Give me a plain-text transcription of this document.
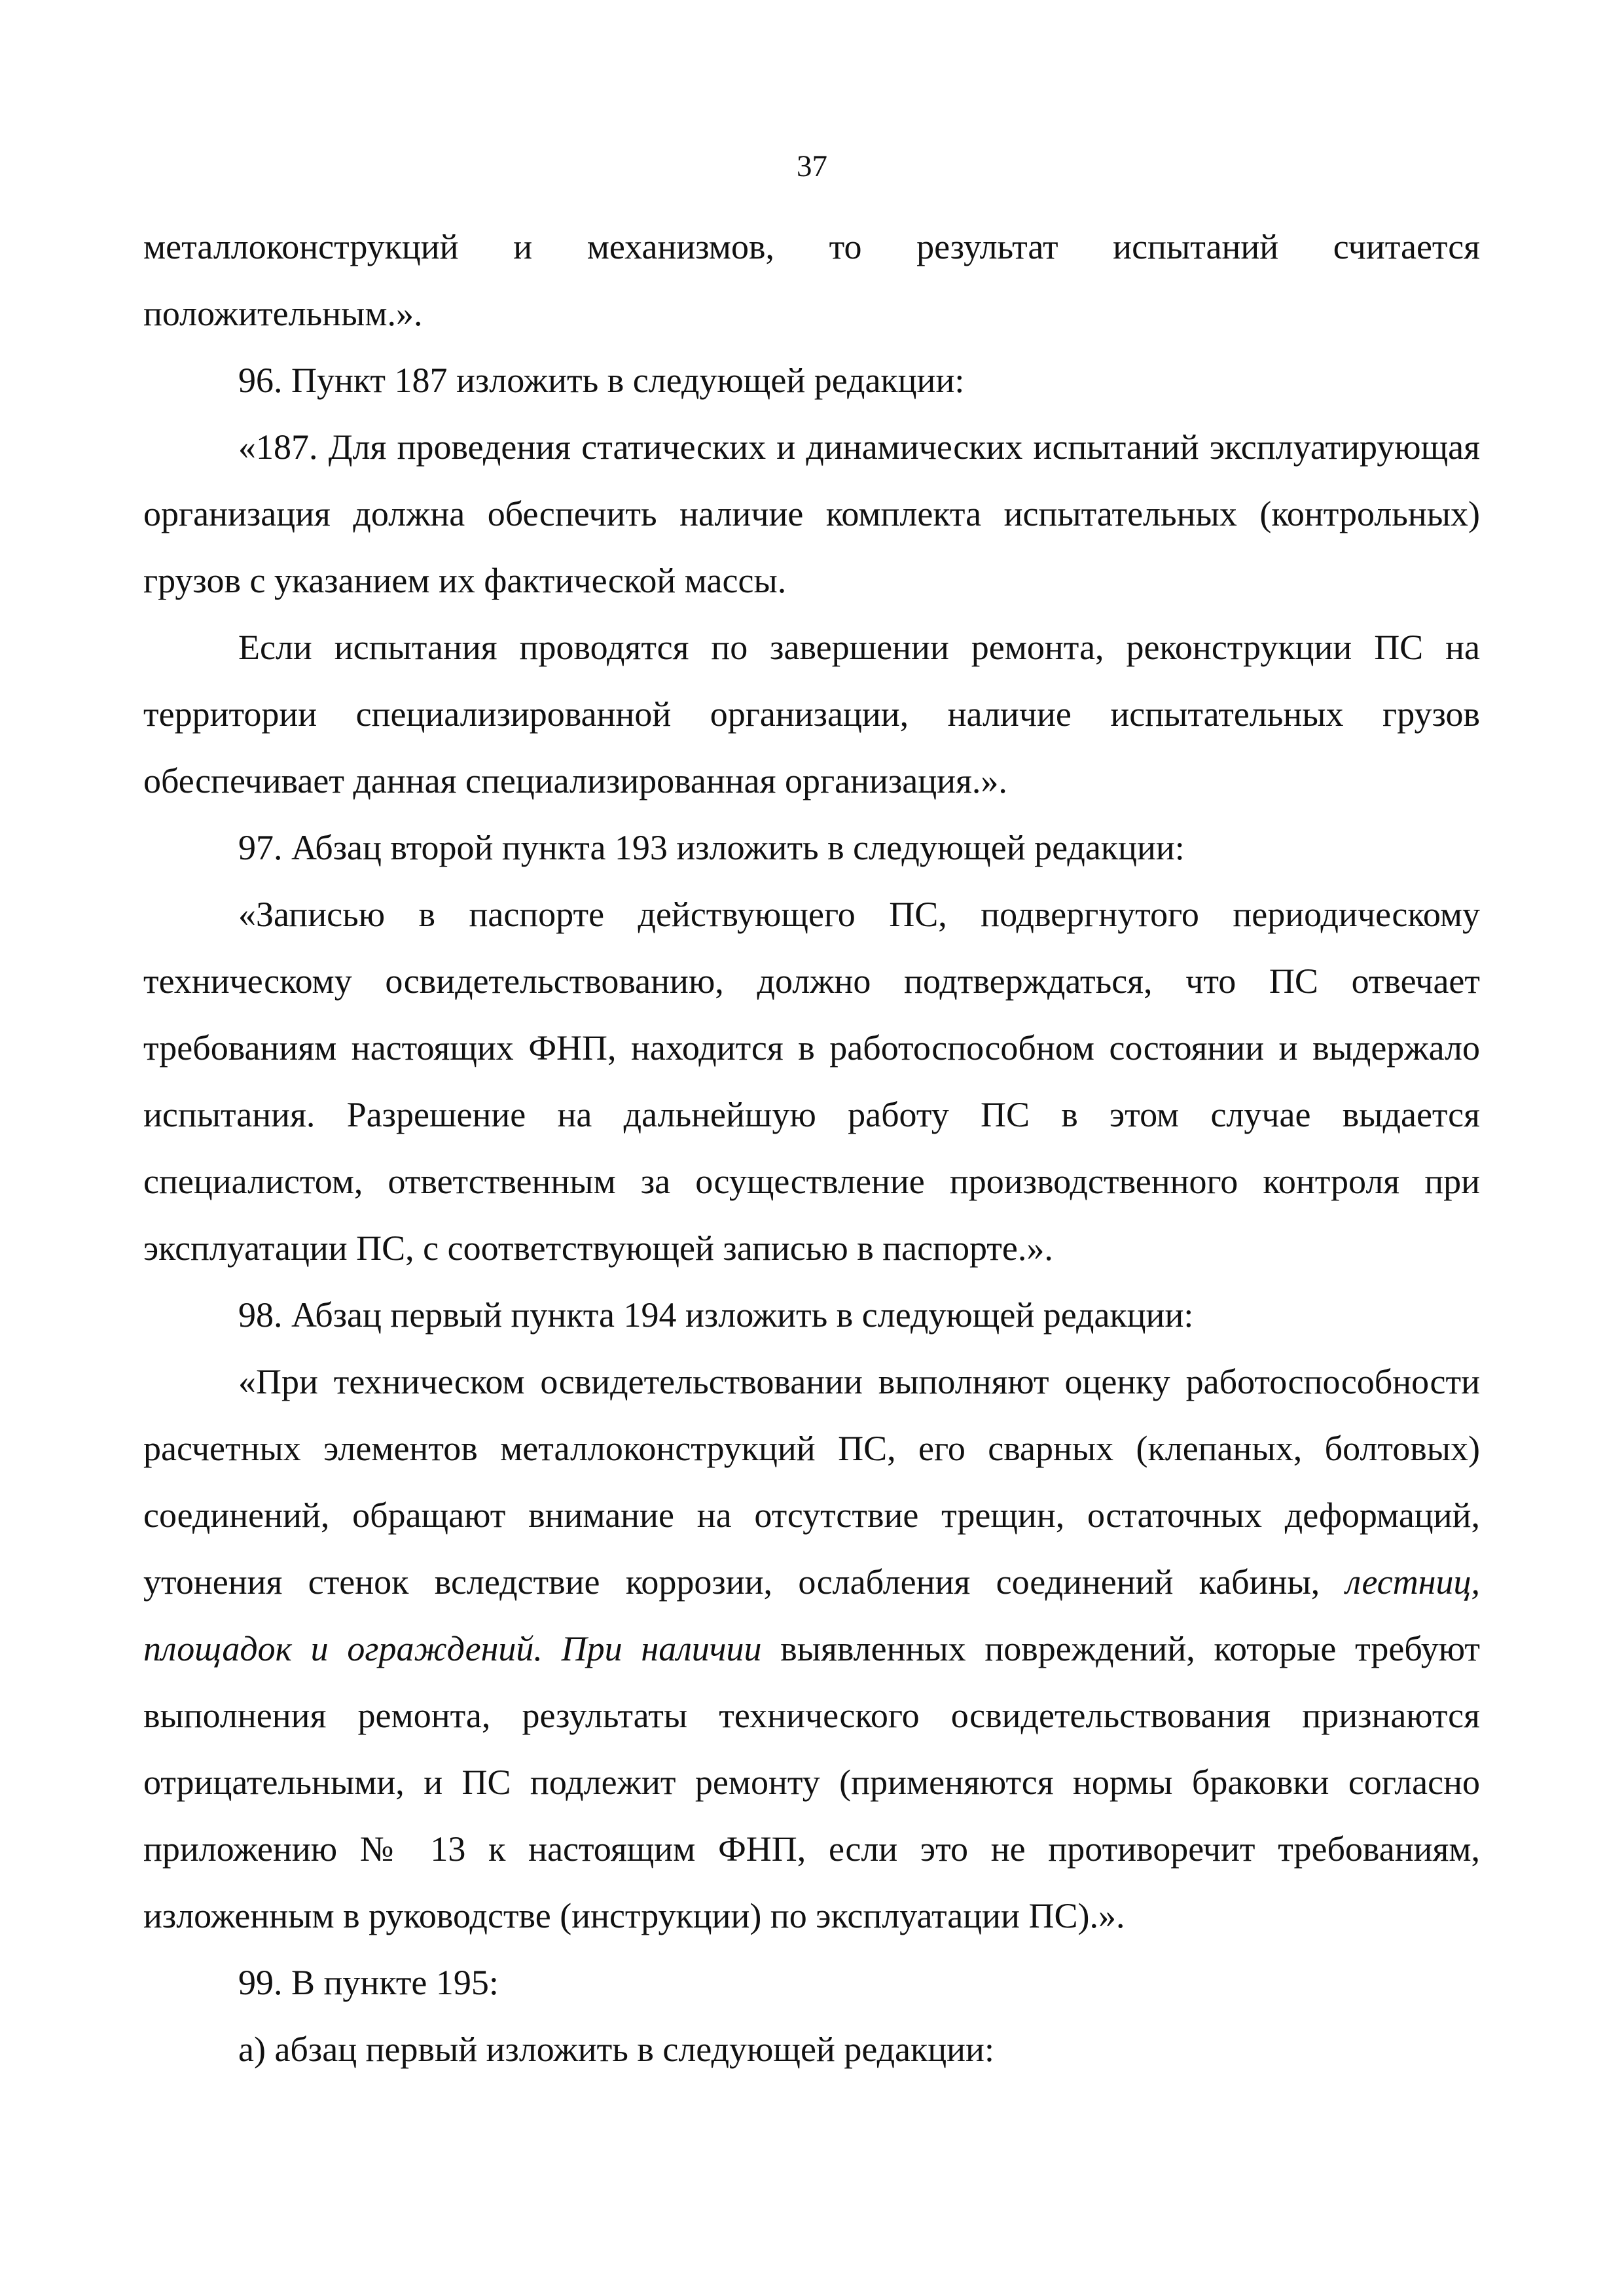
37

металлоконструкций и механизмов, то результат испытаний считается положительным.».

96. Пункт 187 изложить в следующей редакции:

«187. Для проведения статических и динамических испытаний эксплуатирующая организация должна обеспечить наличие комплекта испытательных (контрольных) грузов с указанием их фактической массы.

Если испытания проводятся по завершении ремонта, реконструкции ПС на территории специализированной организации, наличие испытательных грузов обеспечивает данная специализированная организация.».

97. Абзац второй пункта 193 изложить в следующей редакции:

«Записью в паспорте действующего ПС, подвергнутого периодическому техническому освидетельствованию, должно подтверждаться, что ПС отвечает требованиям настоящих ФНП, находится в работоспособном состоянии и выдержало испытания. Разрешение на дальнейшую работу ПС в этом случае выдается специалистом, ответственным за осуществление производственного контроля при эксплуатации ПС, с соответствующей записью в паспорте.».

98. Абзац первый пункта 194 изложить в следующей редакции:

«При техническом освидетельствовании выполняют оценку работоспособности расчетных элементов металлоконструкций ПС, его сварных (клепаных, болтовых) соединений, обращают внимание на отсутствие трещин, остаточных деформаций, утонения стенок вследствие коррозии, ослабления соединений кабины, лестниц, площадок и ограждений. При наличии выявленных повреждений, которые требуют выполнения ремонта, результаты технического освидетельствования признаются отрицательными, и ПС подлежит ремонту (применяются нормы браковки согласно приложению № 13 к настоящим ФНП, если это не противоречит требованиям, изложенным в руководстве (инструкции) по эксплуатации ПС).».

99. В пункте 195:

а) абзац первый изложить в следующей редакции:
